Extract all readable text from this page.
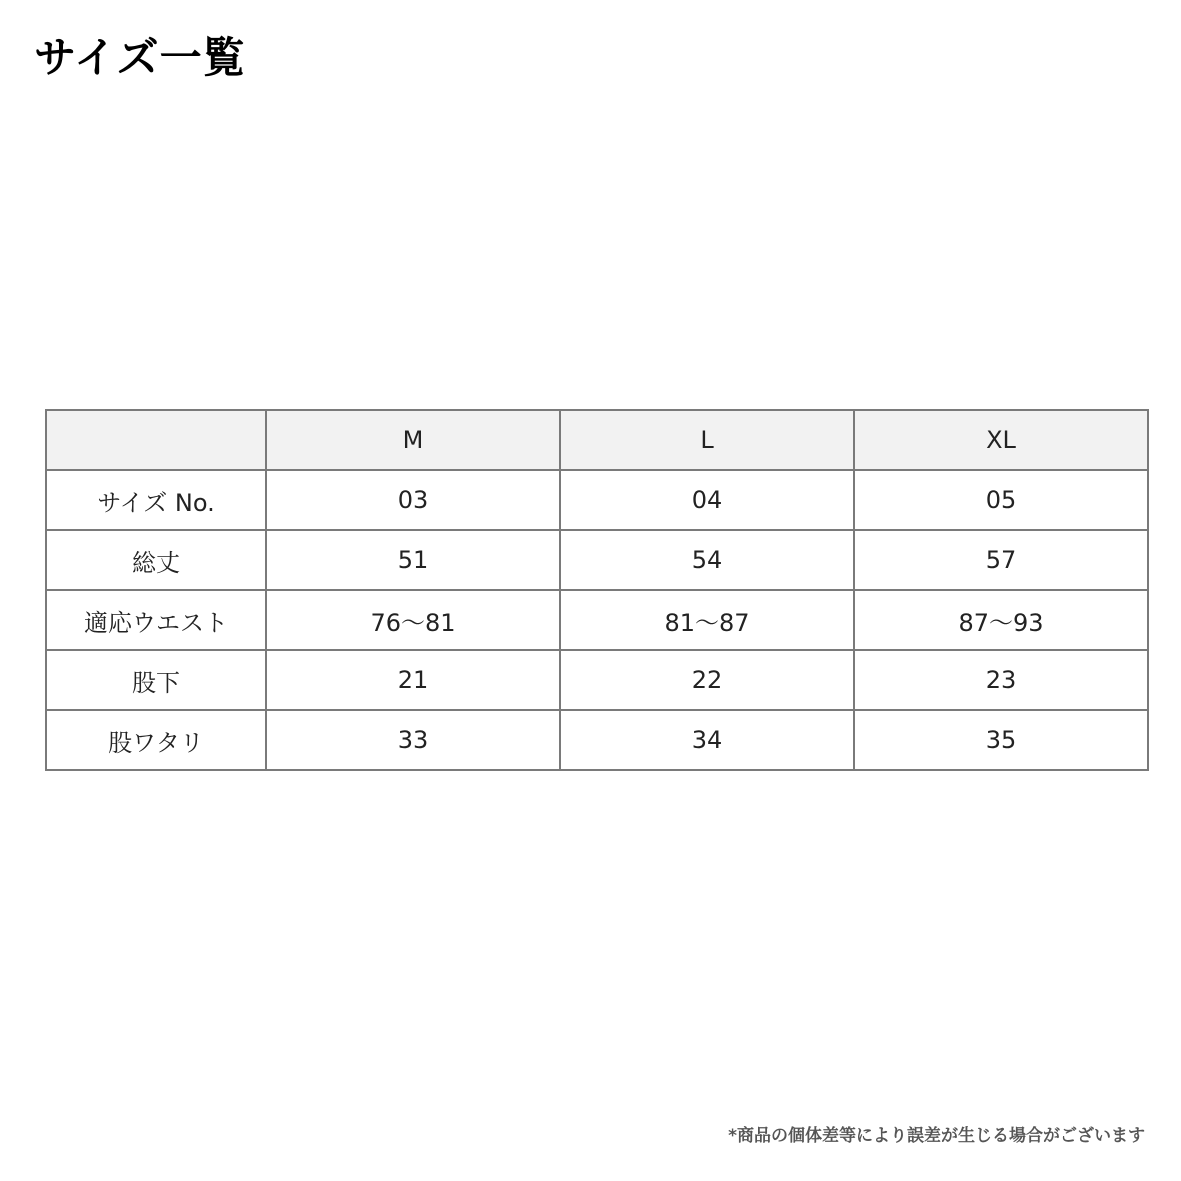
サイズ一覧
	M	L	XL
サイズ No.	03	04	05
総丈	51	54	57
適応ウエスト	76〜81	81〜87	87〜93
股下	21	22	23
股ワタリ	33	34	35

*商品の個体差等により誤差が生じる場合がございます
